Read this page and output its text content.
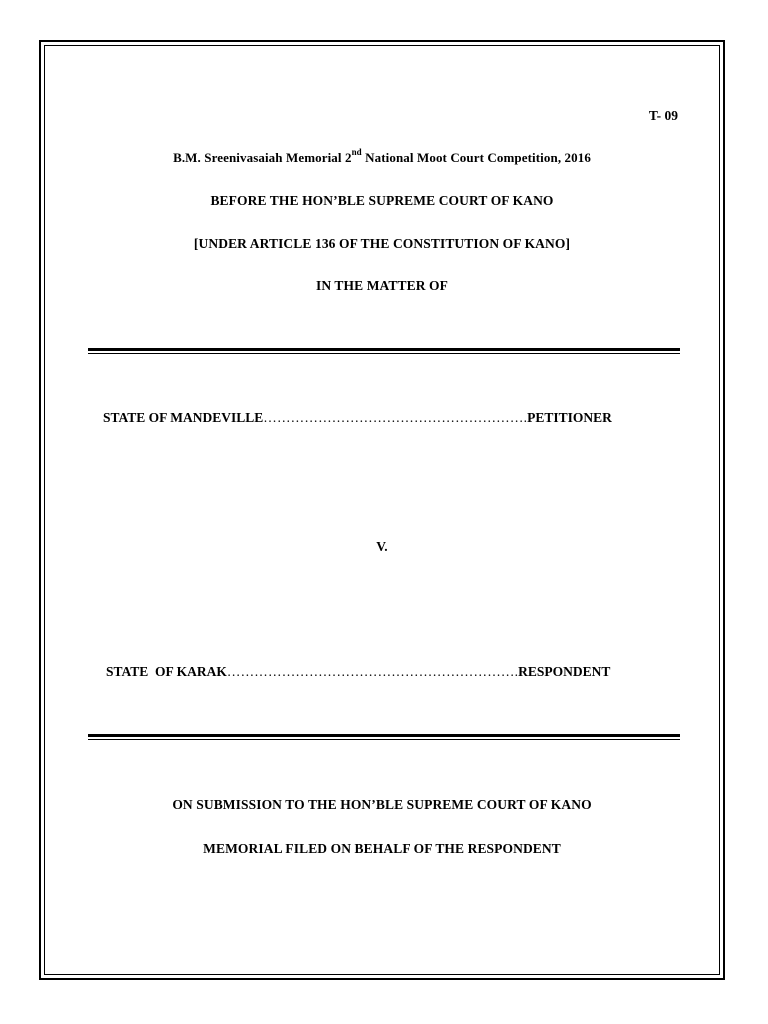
T- 09
B.M. Sreenivasaiah Memorial 2nd National Moot Court Competition, 2016
BEFORE THE HON’BLE SUPREME COURT OF KANO
[UNDER ARTICLE 136 OF THE CONSTITUTION OF KANO]
IN THE MATTER OF
STATE OF MANDEVILLE …………………………………………………. PETITIONER
V.
STATE  OF KARAK ………………………………………………………. RESPONDENT
ON SUBMISSION TO THE HON’BLE SUPREME COURT OF KANO
MEMORIAL FILED ON BEHALF OF THE RESPONDENT
